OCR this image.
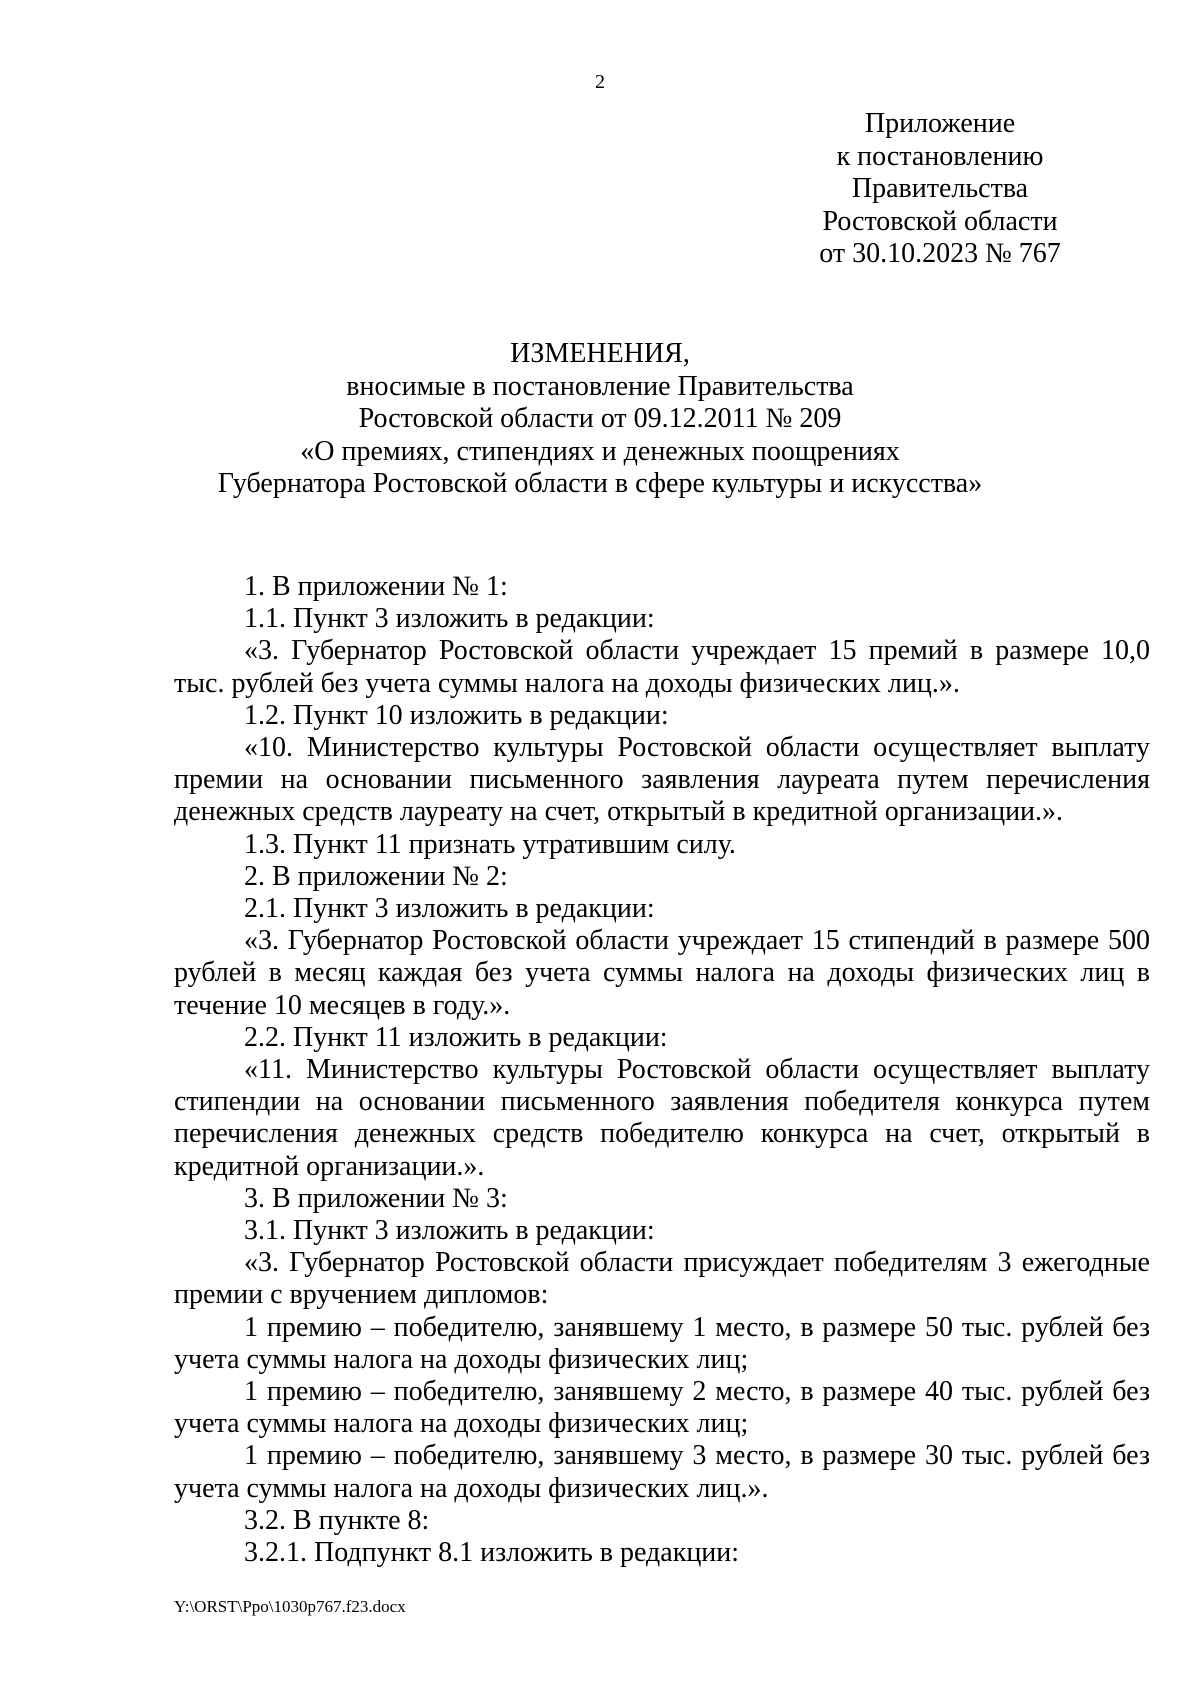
2
Приложение
к постановлению
Правительства
Ростовской области
от 30.10.2023 № 767
ИЗМЕНЕНИЯ,
вносимые в постановление Правительства
Ростовской области от 09.12.2011 № 209
«О премиях, стипендиях и денежных поощрениях
Губернатора Ростовской области в сфере культуры и искусства»

1. В приложении № 1:

1.1. Пункт 3 изложить в редакции:

«3. Губернатор Ростовской области учреждает 15 премий в размере 10,0 тыс. рублей без учета суммы налога на доходы физических лиц.».

1.2. Пункт 10 изложить в редакции:

«10. Министерство культуры Ростовской области осуществляет выплату премии на основании письменного заявления лауреата путем перечисления денежных средств лауреату на счет, открытый в кредитной организации.».

1.3. Пункт 11 признать утратившим силу.

2. В приложении № 2:

2.1. Пункт 3 изложить в редакции:

«3. Губернатор Ростовской области учреждает 15 стипендий в размере 500 рублей в месяц каждая без учета суммы налога на доходы физических лиц в течение 10 месяцев в году.».

2.2. Пункт 11 изложить в редакции:

«11. Министерство культуры Ростовской области осуществляет выплату стипендии на основании письменного заявления победителя конкурса путем перечисления денежных средств победителю конкурса на счет, открытый в кредитной организации.».

3. В приложении № 3:

3.1. Пункт 3 изложить в редакции:

«3. Губернатор Ростовской области присуждает победителям 3 ежегодные премии с вручением дипломов:

1 премию – победителю, занявшему 1 место, в размере 50 тыс. рублей без учета суммы налога на доходы физических лиц;

1 премию – победителю, занявшему 2 место, в размере 40 тыс. рублей без учета суммы налога на доходы физических лиц;

1 премию – победителю, занявшему 3 место, в размере 30 тыс. рублей без учета суммы налога на доходы физических лиц.».

3.2. В пункте 8:

3.2.1. Подпункт 8.1 изложить в редакции:

Y:\ORST\Ppo\1030p767.f23.docx
